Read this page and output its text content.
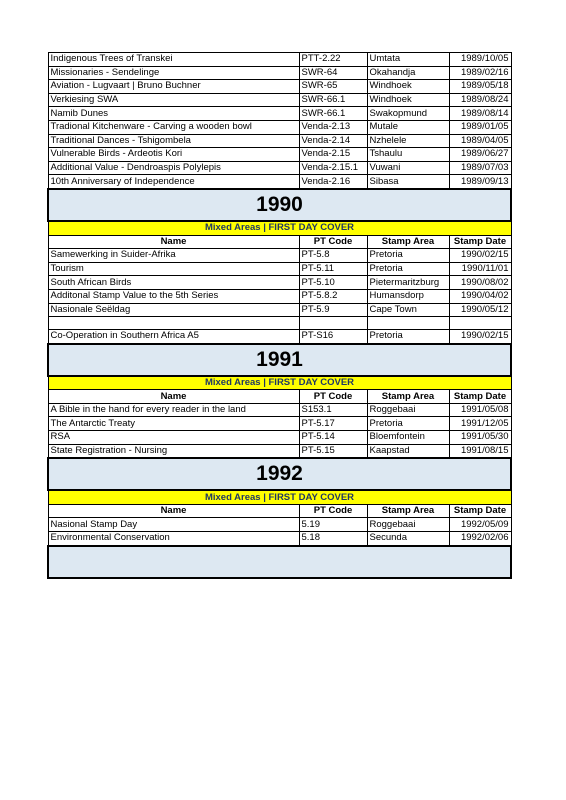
Indigenous Trees of Transkei	PTT-2.22	Umtata	1989/10/05
Missionaries - Sendelinge	SWR-64	Okahandja	1989/02/16
Aviation - Lugvaart | Bruno Buchner	SWR-65	Windhoek	1989/05/18
Verkiesing SWA	SWR-66.1	Windhoek	1989/08/24
Namib Dunes	SWR-66.1	Swakopmund	1989/08/14
Tradional Kitchenware - Carving a wooden bowl	Venda-2.13	Mutale	1989/01/05
Traditional Dances - Tshigombela	Venda-2.14	Nzhelele	1989/04/05
Vulnerable Birds - Ardeotis Kori	Venda-2.15	Tshaulu	1989/06/27
Additional Value - Dendroaspis Polylepis	Venda-2.15.1	Vuwani	1989/07/03
10th Anniversary of Independence	Venda-2.16	Sibasa	1989/09/13

1990			

Mixed Areas | FIRST DAY COVER			
Name	PT Code	Stamp Area	Stamp Date
Samewerking in Suider-Afrika	PT-5.8	Pretoria	1990/02/15
Tourism	PT-5.11	Pretoria	1990/11/01
South African Birds	PT-5.10	Pietermaritzburg	1990/08/02
Additonal Stamp Value to the 5th Series	PT-5.8.2	Humansdorp	1990/04/02
Nasionale Seëldag	PT-5.9	Cape Town	1990/05/12

Co-Operation in Southern Africa A5	PT-S16	Pretoria	1990/02/15

1991			

Mixed Areas | FIRST DAY COVER			
Name	PT Code	Stamp Area	Stamp Date
A Bible in the hand for every reader in the land	S153.1	Roggebaai	1991/05/08
The Antarctic Treaty	PT-5.17	Pretoria	1991/12/05
RSA	PT-5.14	Bloemfontein	1991/05/30
State Registration - Nursing	PT-5.15	Kaapstad	1991/08/15

1992			

Mixed Areas | FIRST DAY COVER			
Name	PT Code	Stamp Area	Stamp Date
Nasional Stamp Day	5.19	Roggebaai	1992/05/09
Environmental Conservation	5.18	Secunda	1992/02/06
